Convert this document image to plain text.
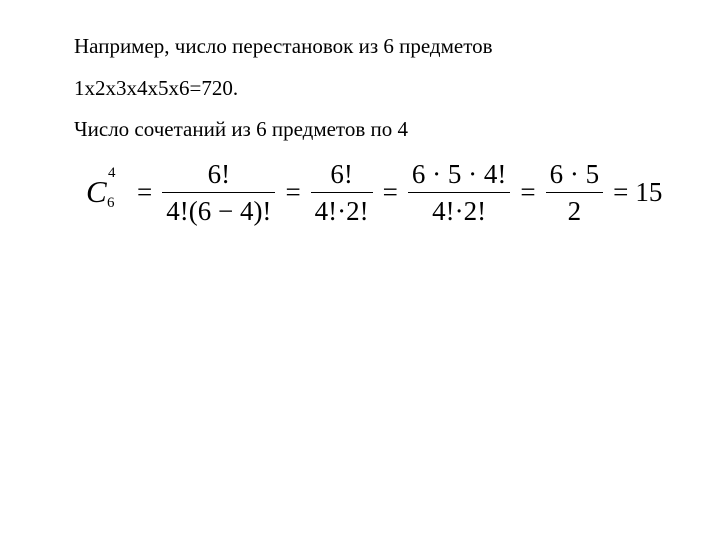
Например, число перестановок из 6 предметов
1х2х3х4х5х6=720.
Число сочетаний из 6 предметов по 4
C
4
$6 = \frac{6!}{4!(6 - 4)!} = \frac{6!}{4!\cdot 2!} = \frac{6 \cdot 5 \cdot 4!}{4!\cdot 2!} = \frac{6 \cdot 5}{2} = 15$
